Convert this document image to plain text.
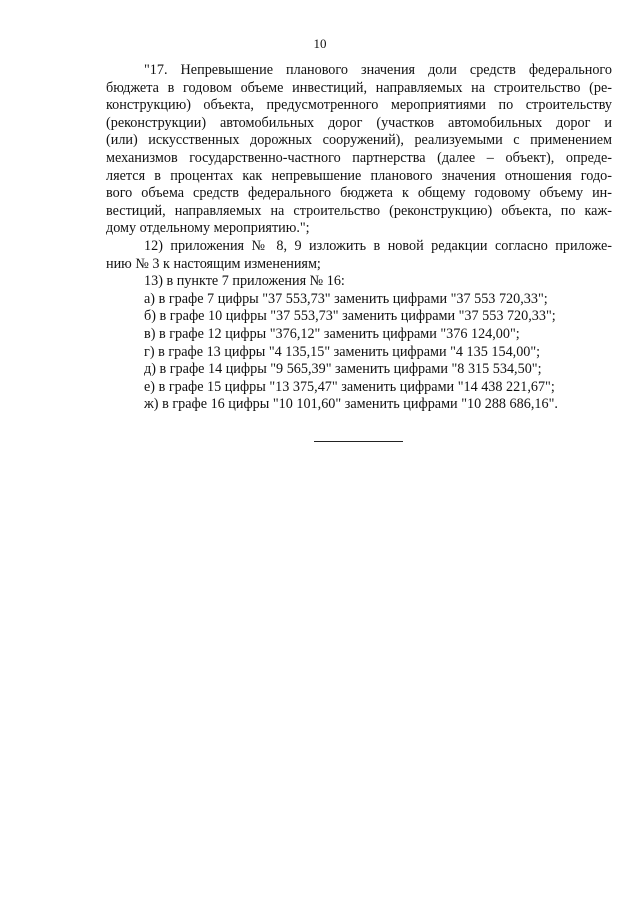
10
"17. Непревышение планового значения доли средств федерального
бюджета в годовом объеме инвестиций, направляемых на строительство (ре-
конструкцию) объекта, предусмотренного мероприятиями по строительству
(реконструкции) автомобильных дорог (участков автомобильных дорог и
(или) искусственных дорожных сооружений), реализуемыми с применением
механизмов государственно-частного партнерства (далее – объект), опреде-
ляется в процентах как непревышение планового значения отношения годо-
вого объема средств федерального бюджета к общему годовому объему ин-
вестиций, направляемых на строительство (реконструкцию) объекта, по каж-
дому отдельному мероприятию.";
12) приложения № 8, 9 изложить в новой редакции согласно приложе-
нию № 3 к настоящим изменениям;
13) в пункте 7 приложения № 16:
а) в графе 7 цифры "37 553,73" заменить цифрами "37 553 720,33";
б) в графе 10 цифры "37 553,73" заменить цифрами "37 553 720,33";
в) в графе 12 цифры "376,12" заменить цифрами "376 124,00";
г) в графе 13 цифры "4 135,15" заменить цифрами "4 135 154,00";
д) в графе 14 цифры "9 565,39" заменить цифрами "8 315 534,50";
е) в графе 15 цифры "13 375,47" заменить цифрами "14 438 221,67";
ж) в графе 16 цифры "10 101,60" заменить цифрами "10 288 686,16".
